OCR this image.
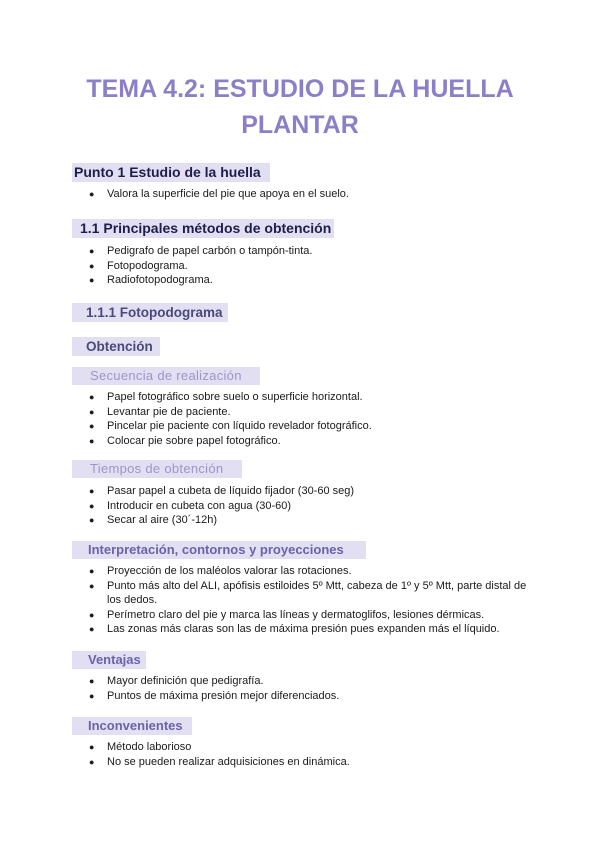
TEMA 4.2: ESTUDIO DE LA HUELLA
PLANTAR
Punto 1 Estudio de la huella
● Valora la superficie del pie que apoya en el suelo.
1.1 Principales métodos de obtención
● Pedigrafo de papel carbón o tampón-tinta.
● Fotopodograma.
● Radiofotopodograma.
1.1.1 Fotopodograma
Obtención
Secuencia de realización
● Papel fotográfico sobre suelo o superficie horizontal.
● Levantar pie de paciente.
● Pincelar pie paciente con líquido revelador fotográfico.
● Colocar pie sobre papel fotográfico.
Tiempos de obtención
● Pasar papel a cubeta de líquido fijador (30-60 seg)
● Introducir en cubeta con agua (30-60)
● Secar al aire (30´-12h)
Interpretación, contornos y proyecciones
● Proyección de los maléolos valorar las rotaciones.
● Punto más alto del ALI, apófisis estiloides 5º Mtt, cabeza de 1º y 5º Mtt, parte distal de los dedos.
● Perímetro claro del pie y marca las líneas y dermatoglifos, lesiones dérmicas.
● Las zonas más claras son las de máxima presión pues expanden más el líquido.
Ventajas
● Mayor definición que pedigrafía.
● Puntos de máxima presión mejor diferenciados.
Inconvenientes
● Método laborioso
● No se pueden realizar adquisiciones en dinámica.
